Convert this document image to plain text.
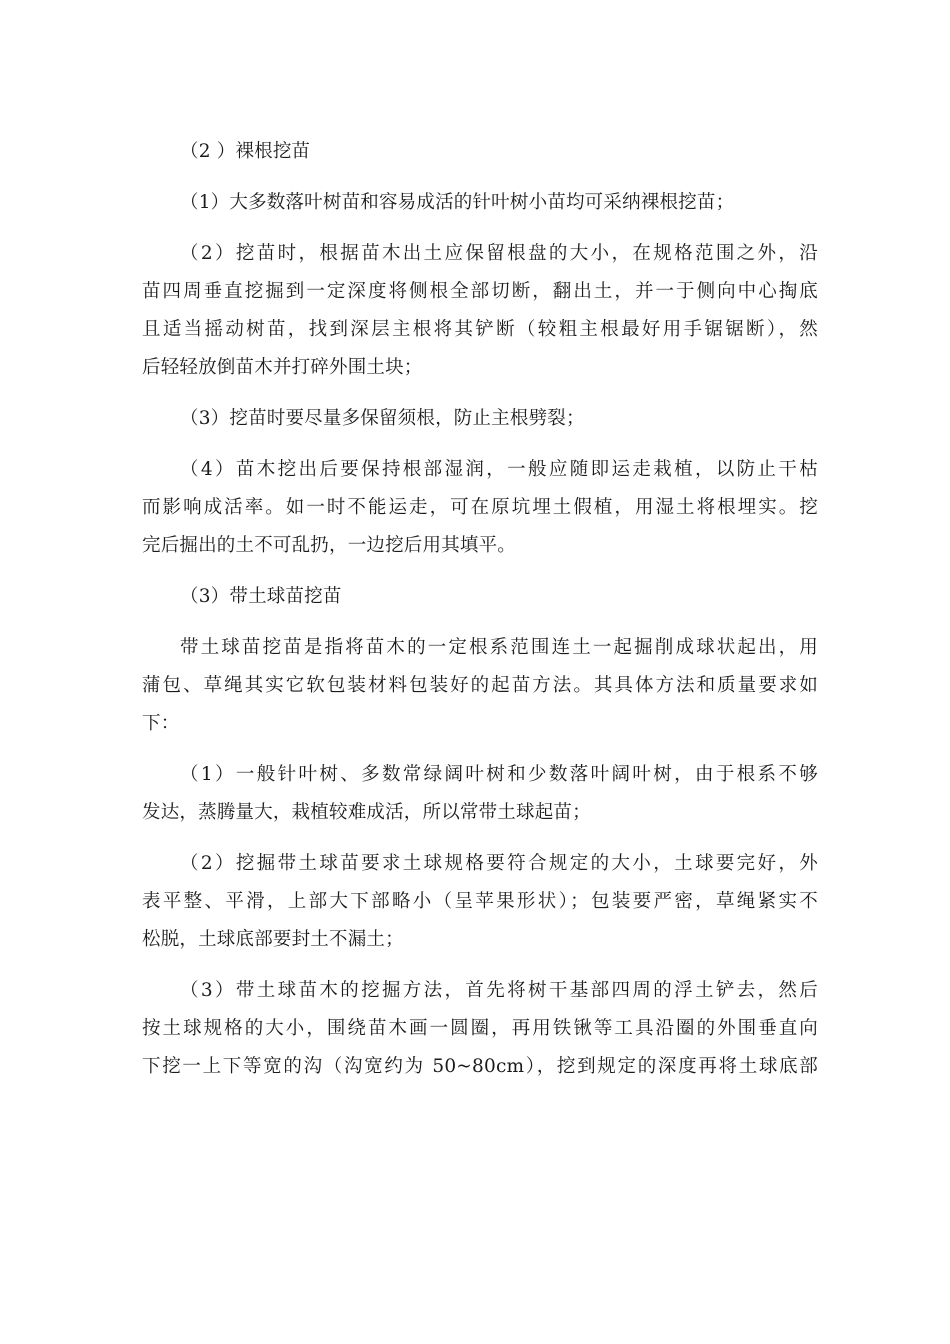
（2 ）裸根挖苗
（1）大多数落叶树苗和容易成活的针叶树小苗均可采纳裸根挖苗；
（2）挖苗时，根据苗木出土应保留根盘的大小，在规格范围之外，沿
苗四周垂直挖掘到一定深度将侧根全部切断，翻出土，并一于侧向中心掏底
且适当摇动树苗，找到深层主根将其铲断（较粗主根最好用手锯锯断），然
后轻轻放倒苗木并打碎外围土块；
（3）挖苗时要尽量多保留须根，防止主根劈裂；
（4）苗木挖出后要保持根部湿润，一般应随即运走栽植，以防止干枯
而影响成活率。如一时不能运走，可在原坑埋土假植，用湿土将根埋实。挖
完后掘出的土不可乱扔，一边挖后用其填平。
（3）带土球苗挖苗
带土球苗挖苗是指将苗木的一定根系范围连土一起掘削成球状起出，用
蒲包、草绳其实它软包装材料包装好的起苗方法。其具体方法和质量要求如
下：
（1）一般针叶树、多数常绿阔叶树和少数落叶阔叶树，由于根系不够
发达，蒸腾量大，栽植较难成活，所以常带土球起苗；
（2）挖掘带土球苗要求土球规格要符合规定的大小，土球要完好，外
表平整、平滑，上部大下部略小（呈苹果形状）；包装要严密，草绳紧实不
松脱，土球底部要封土不漏土；
（3）带土球苗木的挖掘方法，首先将树干基部四周的浮土铲去，然后
按土球规格的大小，围绕苗木画一圆圈，再用铁锹等工具沿圈的外围垂直向
下挖一上下等宽的沟（沟宽约为 50~80cm），挖到规定的深度再将土球底部
